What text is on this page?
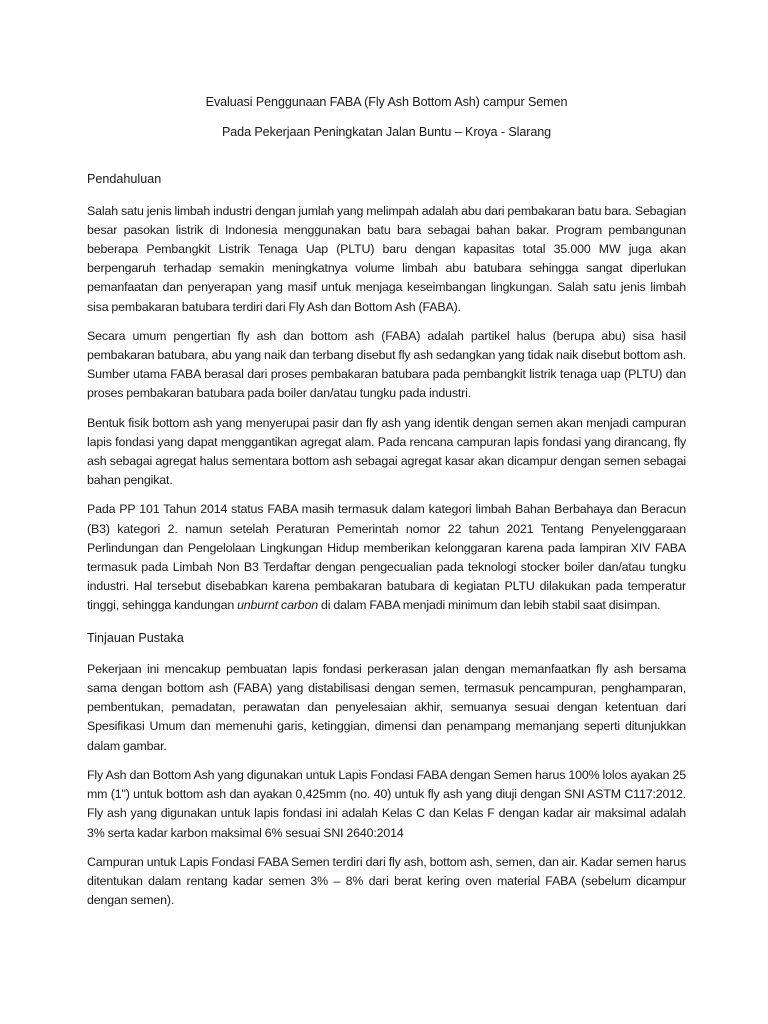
Evaluasi Penggunaan FABA (Fly Ash Bottom Ash) campur Semen

Pada Pekerjaan Peningkatan Jalan Buntu – Kroya - Slarang

Pendahuluan

Salah satu jenis limbah industri dengan jumlah yang melimpah adalah abu dari pembakaran batu bara. Sebagian besar pasokan listrik di Indonesia menggunakan batu bara sebagai bahan bakar. Program pembangunan beberapa Pembangkit Listrik Tenaga Uap (PLTU) baru dengan kapasitas total 35.000 MW juga akan berpengaruh terhadap semakin meningkatnya volume limbah abu batubara sehingga sangat diperlukan pemanfaatan dan penyerapan yang masif untuk menjaga keseimbangan lingkungan. Salah satu jenis limbah sisa pembakaran batubara terdiri dari Fly Ash dan Bottom Ash (FABA).

Secara umum pengertian fly ash dan bottom ash (FABA) adalah partikel halus (berupa abu) sisa hasil pembakaran batubara, abu yang naik dan terbang disebut fly ash sedangkan yang tidak naik disebut bottom ash. Sumber utama FABA berasal dari proses pembakaran batubara pada pembangkit listrik tenaga uap (PLTU) dan proses pembakaran batubara pada boiler dan/atau tungku pada industri.

Bentuk fisik bottom ash yang menyerupai pasir dan fly ash yang identik dengan semen akan menjadi campuran lapis fondasi yang dapat menggantikan agregat alam. Pada rencana campuran lapis fondasi yang dirancang, fly ash sebagai agregat halus sementara bottom ash sebagai agregat kasar akan dicampur dengan semen sebagai bahan pengikat.

Pada PP 101 Tahun 2014 status FABA masih termasuk dalam kategori limbah Bahan Berbahaya dan Beracun (B3) kategori 2. namun setelah Peraturan Pemerintah nomor 22 tahun 2021 Tentang Penyelenggaraan Perlindungan dan Pengelolaan Lingkungan Hidup memberikan kelonggaran karena pada lampiran XIV FABA termasuk pada Limbah Non B3 Terdaftar dengan pengecualian pada teknologi stocker boiler dan/atau tungku industri. Hal tersebut disebabkan karena pembakaran batubara di kegiatan PLTU dilakukan pada temperatur tinggi, sehingga kandungan unburnt carbon di dalam FABA menjadi minimum dan lebih stabil saat disimpan.

Tinjauan Pustaka

Pekerjaan ini mencakup pembuatan lapis fondasi perkerasan jalan dengan memanfaatkan fly ash bersama sama dengan bottom ash (FABA) yang distabilisasi dengan semen, termasuk pencampuran, penghamparan, pembentukan, pemadatan, perawatan dan penyelesaian akhir, semuanya sesuai dengan ketentuan dari Spesifikasi Umum dan memenuhi garis, ketinggian, dimensi dan penampang memanjang seperti ditunjukkan dalam gambar.

Fly Ash dan Bottom Ash yang digunakan untuk Lapis Fondasi FABA dengan Semen harus 100% lolos ayakan 25 mm (1") untuk bottom ash dan ayakan 0,425mm (no. 40) untuk fly ash yang diuji dengan SNI ASTM C117:2012. Fly ash yang digunakan untuk lapis fondasi ini adalah Kelas C dan Kelas F dengan kadar air maksimal adalah 3% serta kadar karbon maksimal 6% sesuai SNI 2640:2014

Campuran untuk Lapis Fondasi FABA Semen terdiri dari fly ash, bottom ash, semen, dan air. Kadar semen harus ditentukan dalam rentang kadar semen 3% – 8% dari berat kering oven material FABA (sebelum dicampur dengan semen).
